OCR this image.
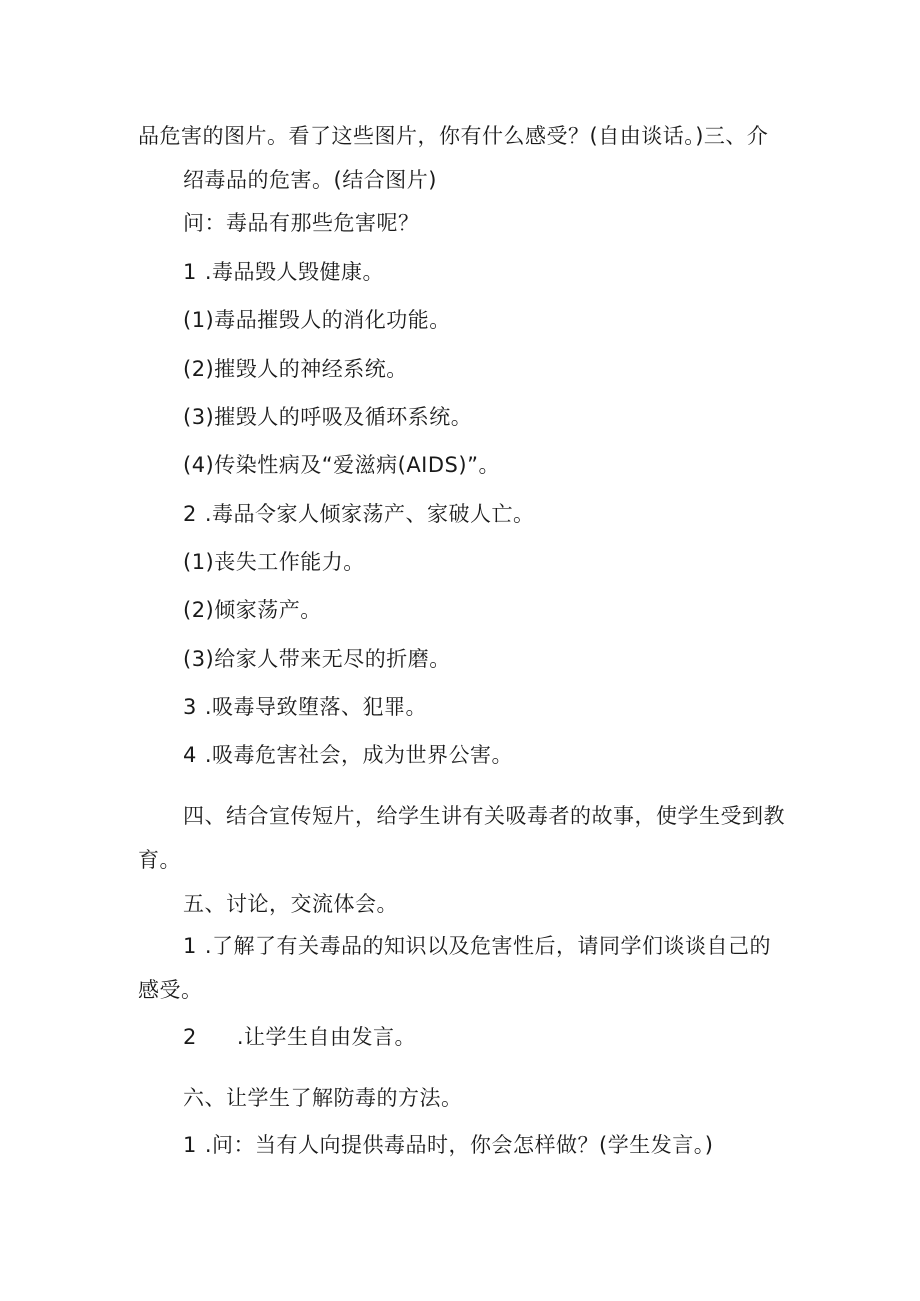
品危害的图片。看了这些图片，你有什么感受？(自由谈话。)三、介
绍毒品的危害。(结合图片)
问：毒品有那些危害呢？
1 .毒品毁人毁健康。
(1)毒品摧毁人的消化功能。
(2)摧毁人的神经系统。
(3)摧毁人的呼吸及循环系统。
(4)传染性病及“爱滋病(AIDS)”。
2 .毒品令家人倾家荡产、家破人亡。
(1)丧失工作能力。
(2)倾家荡产。
(3)给家人带来无尽的折磨。
3 .吸毒导致堕落、犯罪。
4 .吸毒危害社会，成为世界公害。
四、结合宣传短片，给学生讲有关吸毒者的故事，使学生受到教
育。
五、讨论，交流体会。
1 .了解了有关毒品的知识以及危害性后，请同学们谈谈自己的
感受。
2 .让学生自由发言。
六、让学生了解防毒的方法。
1 .问：当有人向提供毒品时，你会怎样做？(学生发言。)
